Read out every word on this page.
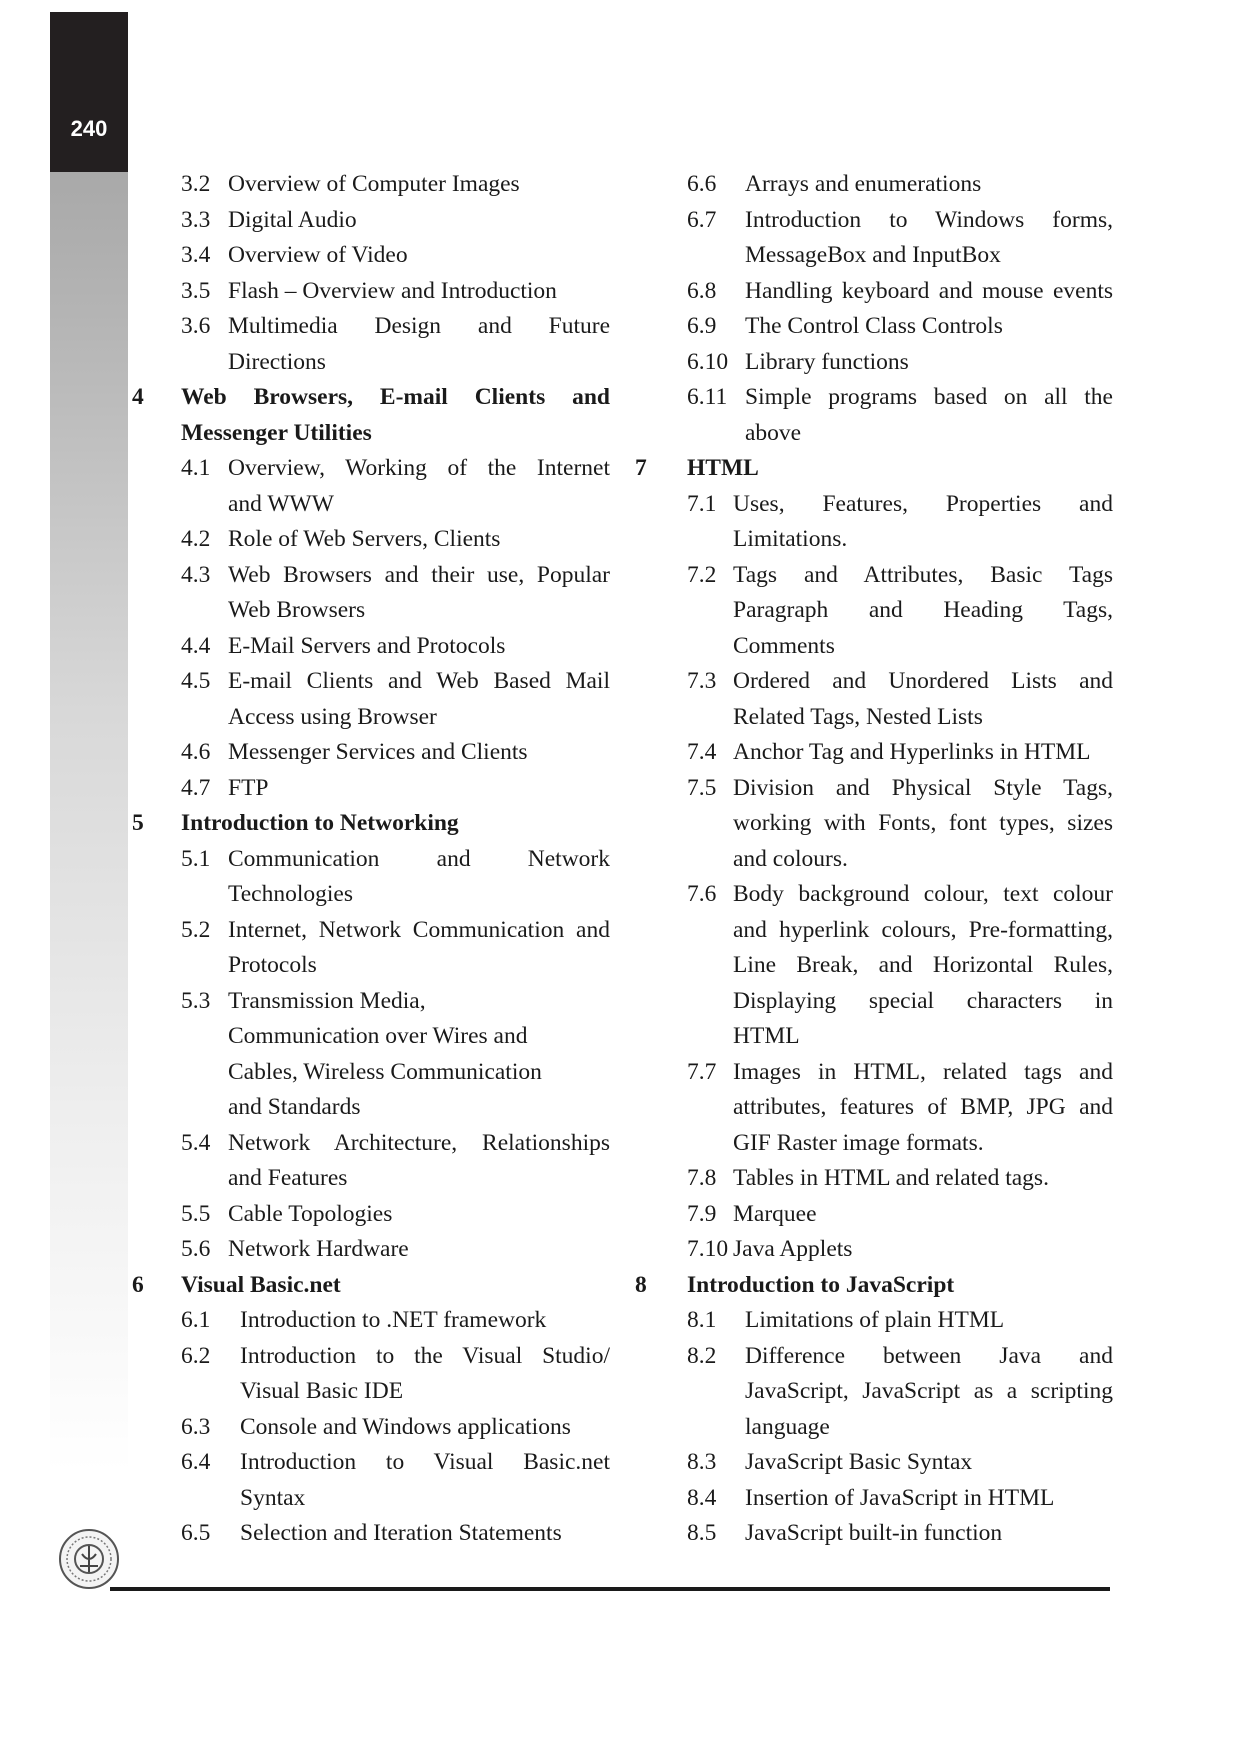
240
3.2 Overview of Computer Images
3.3 Digital Audio
3.4 Overview of Video
3.5 Flash – Overview and Introduction
3.6 Multimedia Design and Future
Directions
4 Web Browsers, E-mail Clients and
Messenger Utilities
4.1 Overview, Working of the Internet
and WWW
4.2 Role of Web Servers, Clients
4.3 Web Browsers and their use, Popular
Web Browsers
4.4 E-Mail Servers and Protocols
4.5 E-mail Clients and Web Based Mail
Access using Browser
4.6 Messenger Services and Clients
4.7 FTP
5 Introduction to Networking
5.1 Communication and Network
Technologies
5.2 Internet, Network Communication and
Protocols
5.3 Transmission Media,
Communication over Wires and
Cables, Wireless Communication
and Standards
5.4 Network Architecture, Relationships
and Features
5.5 Cable Topologies
5.6 Network Hardware
6 Visual Basic.net
6.1 Introduction to .NET framework
6.2 Introduction to the Visual Studio/
Visual Basic IDE
6.3 Console and Windows applications
6.4 Introduction to Visual Basic.net
Syntax
6.5 Selection and Iteration Statements
6.6 Arrays and enumerations
6.7 Introduction to Windows forms,
MessageBox and InputBox
6.8 Handling keyboard and mouse events
6.9 The Control Class Controls
6.10 Library functions
6.11 Simple programs based on all the
above
7 HTML
7.1 Uses, Features, Properties and
Limitations.
7.2 Tags and Attributes, Basic Tags
Paragraph and Heading Tags,
Comments
7.3 Ordered and Unordered Lists and
Related Tags, Nested Lists
7.4 Anchor Tag and Hyperlinks in HTML
7.5 Division and Physical Style Tags,
working with Fonts, font types, sizes
and colours.
7.6 Body background colour, text colour
and hyperlink colours, Pre-formatting,
Line Break, and Horizontal Rules,
Displaying special characters in
HTML
7.7 Images in HTML, related tags and
attributes, features of BMP, JPG and
GIF Raster image formats.
7.8 Tables in HTML and related tags.
7.9 Marquee
7.10 Java Applets
8 Introduction to JavaScript
8.1 Limitations of plain HTML
8.2 Difference between Java and
JavaScript, JavaScript as a scripting
language
8.3 JavaScript Basic Syntax
8.4 Insertion of JavaScript in HTML
8.5 JavaScript built-in function
